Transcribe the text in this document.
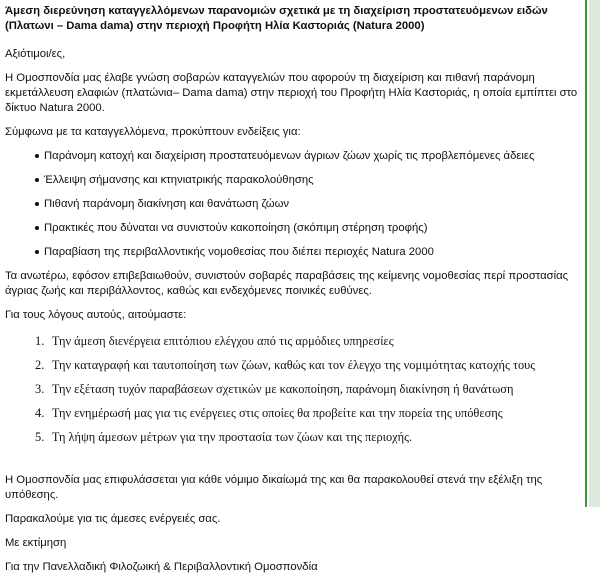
Άμεση διερεύνηση καταγγελλόμενων παρανομιών σχετικά με τη διαχείριση προστατευόμενων ειδών (Πλατωνι – Dama dama) στην περιοχή Προφήτη Ηλία Καστοριάς (Natura 2000)
Αξιότιμοι/ες,
Η Ομοσπονδία μας έλαβε γνώση σοβαρών καταγγελιών που αφορούν τη διαχείριση και πιθανή παράνομη εκμετάλλευση ελαφιών (πλατώνια– Dama dama) στην περιοχή του Προφήτη Ηλία Καστοριάς, η οποία εμπίπτει στο δίκτυο Natura 2000.
Σύμφωνα με τα καταγγελλόμενα, προκύπτουν ενδείξεις για:
Παράνομη κατοχή και διαχείριση προστατευόμενων άγριων ζώων χωρίς τις προβλεπόμενες άδειες
Έλλειψη σήμανσης και κτηνιατρικής παρακολούθησης
Πιθανή παράνομη διακίνηση και θανάτωση ζώων
Πρακτικές που δύναται να συνιστούν κακοποίηση (σκόπιμη στέρηση τροφής)
Παραβίαση της περιβαλλοντικής νομοθεσίας που διέπει περιοχές Natura 2000
Τα ανωτέρω, εφόσον επιβεβαιωθούν, συνιστούν σοβαρές παραβάσεις της κείμενης νομοθεσίας περί προστασίας άγριας ζωής και περιβάλλοντος, καθώς και ενδεχόμενες ποινικές ευθύνες.
Για τους λόγους αυτούς, αιτούμαστε:
1. Την άμεση διενέργεια επιτόπιου ελέγχου από τις αρμόδιες υπηρεσίες
2. Την καταγραφή και ταυτοποίηση των ζώων, καθώς και τον έλεγχο της νομιμότητας κατοχής τους
3. Την εξέταση τυχόν παραβάσεων σχετικών με κακοποίηση, παράνομη διακίνηση ή θανάτωση
4. Την ενημέρωσή μας για τις ενέργειες στις οποίες θα προβείτε και την πορεία της υπόθεσης
5. Τη λήψη άμεσων μέτρων για την προστασία των ζώων και της περιοχής.
Η Ομοσπονδία μας επιφυλάσσεται για κάθε νόμιμο δικαίωμά της και θα παρακολουθεί στενά την εξέλιξη της υπόθεσης.
Παρακαλούμε για τις άμεσες ενέργειές σας.
Με εκτίμηση
Για την Πανελλαδική Φιλοζωική & Περιβαλλοντική Ομοσπονδία
